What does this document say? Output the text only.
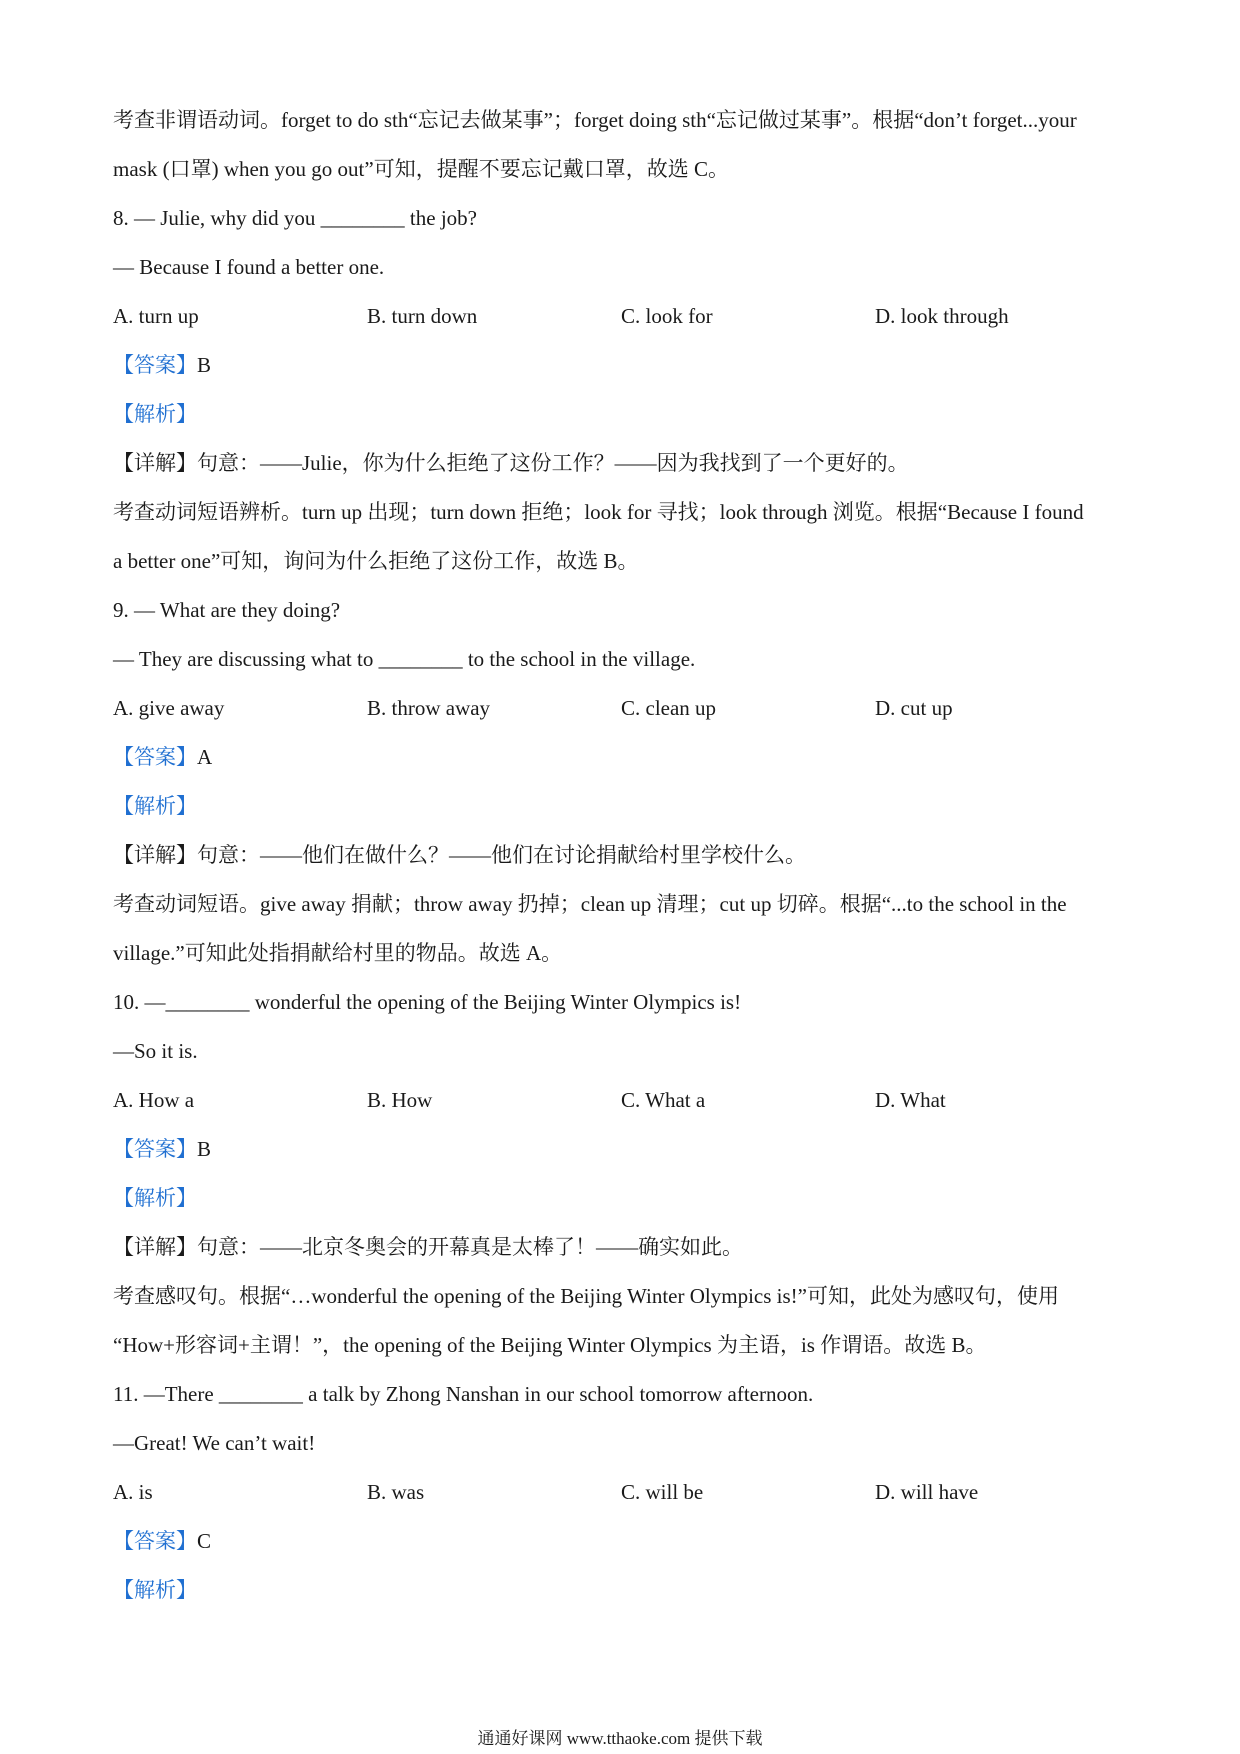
考查非谓语动词。forget to do sth“忘记去做某事”；forget doing sth“忘记做过某事”。根据“don’t forget...your
mask (口罩) when you go out”可知，提醒不要忘记戴口罩，故选 C。
8. — Julie, why did you ________ the job?
— Because I found a better one.
A. turn up	B. turn down	C. look for	D. look through
【答案】B
【解析】
【详解】句意：——Julie，你为什么拒绝了这份工作？——因为我找到了一个更好的。
考查动词短语辨析。turn up 出现；turn down 拒绝；look for 寻找；look through 浏览。根据“Because I found
a better one”可知，询问为什么拒绝了这份工作，故选 B。
9. — What are they doing?
— They are discussing what to ________ to the school in the village.
A. give away	B. throw away	C. clean up	D. cut up
【答案】A
【解析】
【详解】句意：——他们在做什么？——他们在讨论捐献给村里学校什么。
考查动词短语。give away 捐献；throw away 扔掉；clean up 清理；cut up 切碎。根据“...to the school in the
village.”可知此处指捐献给村里的物品。故选 A。
10. —________ wonderful the opening of the Beijing Winter Olympics is!
—So it is.
A. How a	B. How	C. What a	D. What
【答案】B
【解析】
【详解】句意：——北京冬奥会的开幕真是太棒了！——确实如此。
考查感叹句。根据“…wonderful the opening of the Beijing Winter Olympics is!”可知，此处为感叹句，使用
“How+形容词+主谓！”，the opening of the Beijing Winter Olympics 为主语，is 作谓语。故选 B。
11. —There ________ a talk by Zhong Nanshan in our school tomorrow afternoon.
—Great! We can’t wait!
A. is	B. was	C. will be	D. will have
【答案】C
【解析】
通通好课网 www.tthaoke.com 提供下载
